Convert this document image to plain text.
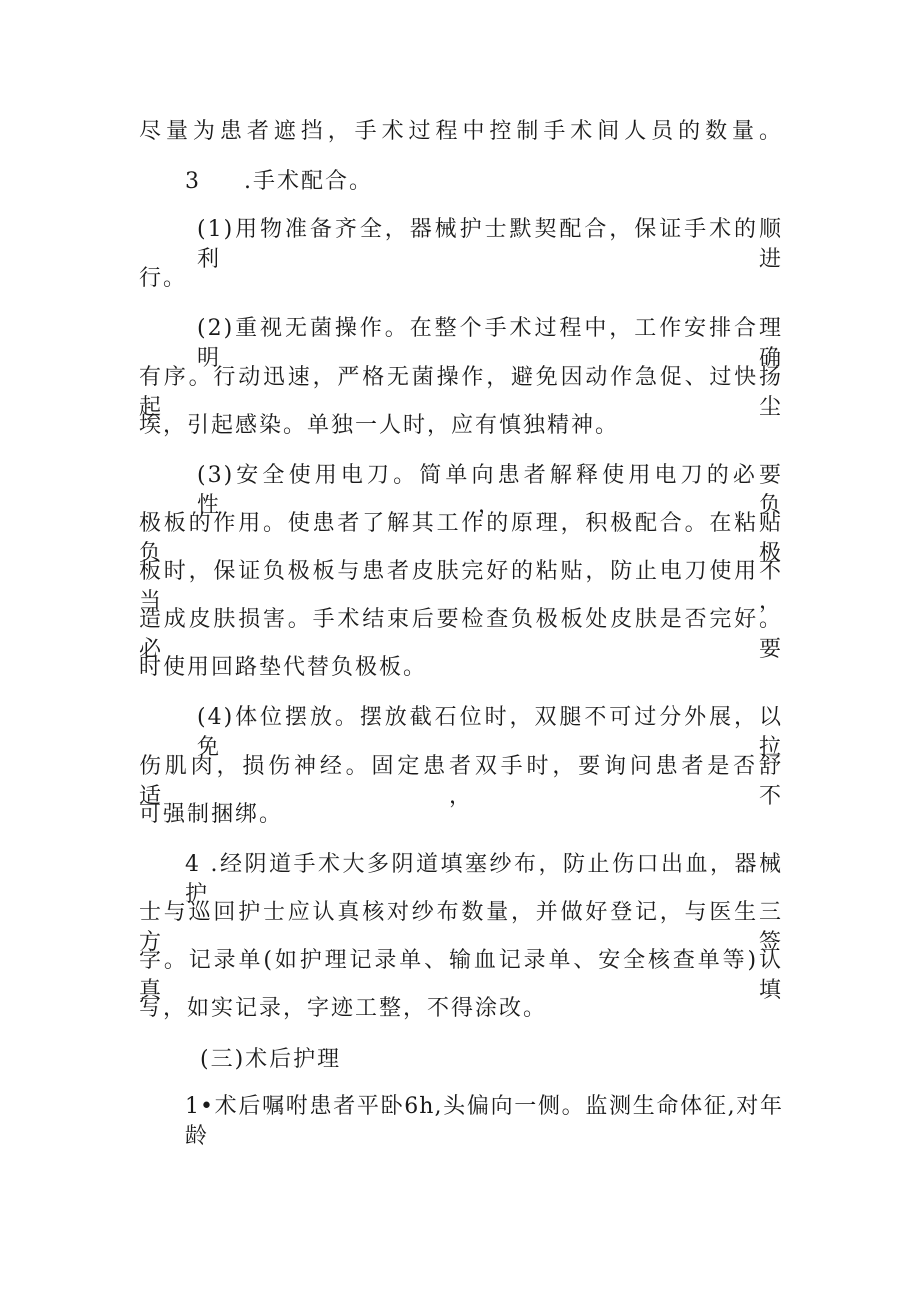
尽量为患者遮挡，手术过程中控制手术间人员的数量。
3 .手术配合。
(1)用物准备齐全，器械护士默契配合，保证手术的顺利进
行。
(2)重视无菌操作。在整个手术过程中，工作安排合理明确
有序。行动迅速，严格无菌操作，避免因动作急促、过快扬起尘
埃，引起感染。单独一人时，应有慎独精神。
(3)安全使用电刀。简单向患者解释使用电刀的必要性，负
极板的作用。使患者了解其工作的原理，积极配合。在粘贴负极
板时，保证负极板与患者皮肤完好的粘贴，防止电刀使用不当，
造成皮肤损害。手术结束后要检查负极板处皮肤是否完好。必要
时使用回路垫代替负极板。
(4)体位摆放。摆放截石位时，双腿不可过分外展，以免拉
伤肌肉，损伤神经。固定患者双手时，要询问患者是否舒适，不
可强制捆绑。
4 .经阴道手术大多阴道填塞纱布，防止伤口出血，器械护
士与巡回护士应认真核对纱布数量，并做好登记，与医生三方签
字。记录单(如护理记录单、输血记录单、安全核查单等)认真填
写，如实记录，字迹工整，不得涂改。
(三)术后护理
1•术后嘱咐患者平卧6h,头偏向一侧。监测生命体征,对年龄
